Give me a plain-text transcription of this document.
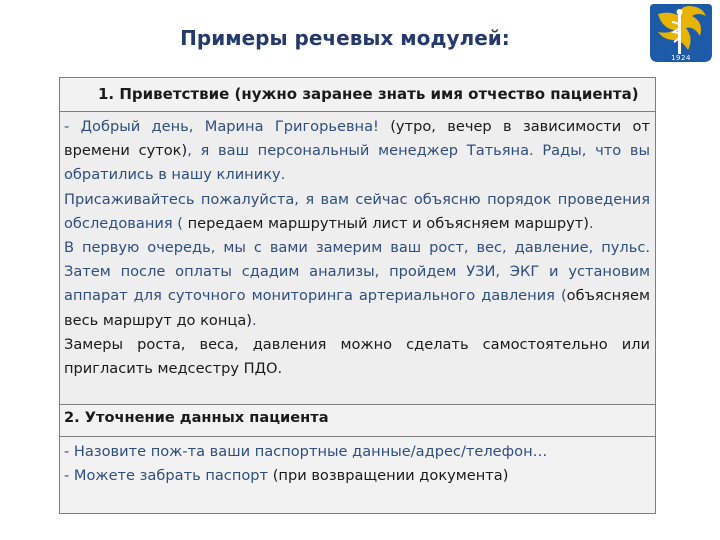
Примеры речевых модулей:
1924
1. Приветствие (нужно заранее знать имя отчество пациента)

- Добрый день, Марина Григорьевна! (утро, вечер в зависимости от времени суток), я ваш персональный менеджер Татьяна. Рады, что вы обратились в нашу клинику.

Присаживайтесь пожалуйста, я вам сейчас объясню порядок проведения обследования ( передаем маршрутный лист и объясняем маршрут).

В первую очередь, мы с вами замерим ваш рост, вес, давление, пульс. Затем после оплаты сдадим анализы, пройдем УЗИ, ЭКГ и установим аппарат для суточного мониторинга артериального давления (объясняем весь маршрут до конца).

Замеры роста, веса, давления можно сделать самостоятельно или пригласить медсестру ПДО.

2. Уточнение данных пациента

- Назовите пож-та ваши паспортные данные/адрес/телефон…

- Можете забрать паспорт (при возвращении документа)
